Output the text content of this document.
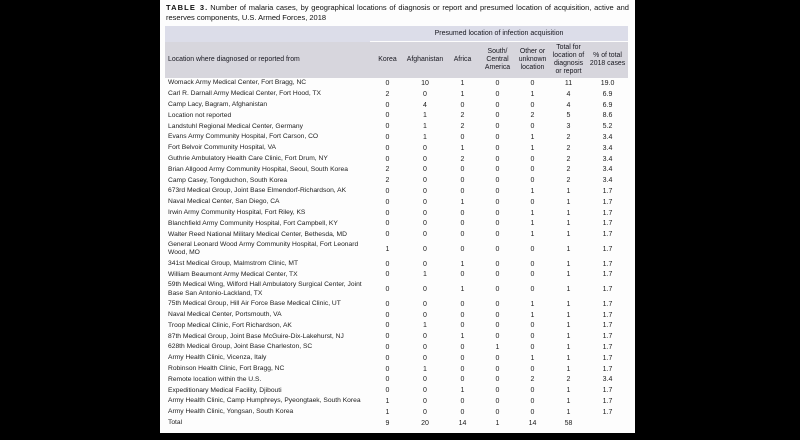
TABLE 3. Number of malaria cases, by geographical locations of diagnosis or report and presumed location of acquisition, active and reserves components, U.S. Armed Forces, 2018
	Presumed location of infection acquisition						
Location where diagnosed or reported from	Korea	Afghanistan	Africa	South/ Central America	Other or unknown location	Total for location of diagnosis or report	% of total 2018 cases
Womack Army Medical Center, Fort Bragg, NC	0	10	1	0	0	11	19.0
Carl R. Darnall Army Medical Center, Fort Hood, TX	2	0	1	0	1	4	6.9
Camp Lacy, Bagram, Afghanistan	0	4	0	0	0	4	6.9
Location not reported	0	1	2	0	2	5	8.6
Landstuhl Regional Medical Center, Germany	0	1	2	0	0	3	5.2
Evans Army Community Hospital, Fort Carson, CO	0	1	0	0	1	2	3.4
Fort Belvoir Community Hospital, VA	0	0	1	0	1	2	3.4
Guthrie Ambulatory Health Care Clinic, Fort Drum, NY	0	0	2	0	0	2	3.4
Brian Allgood Army Community Hospital, Seoul, South Korea	2	0	0	0	0	2	3.4
Camp Casey, Tongduchon, South Korea	2	0	0	0	0	2	3.4
673rd Medical Group, Joint Base Elmendorf-Richardson, AK	0	0	0	0	1	1	1.7
Naval Medical Center, San Diego, CA	0	0	1	0	0	1	1.7
Irwin Army Community Hospital, Fort Riley, KS	0	0	0	0	1	1	1.7
Blanchfield Army Community Hospital, Fort Campbell, KY	0	0	0	0	1	1	1.7
Walter Reed National Military Medical Center, Bethesda, MD	0	0	0	0	1	1	1.7
General Leonard Wood Army Community Hospital, Fort Leonard Wood, MO	1	0	0	0	0	1	1.7
341st Medical Group, Malmstrom Clinic, MT	0	0	1	0	0	1	1.7
William Beaumont Army Medical Center, TX	0	1	0	0	0	1	1.7
59th Medical Wing, Wilford Hall Ambulatory Surgical Center, Joint Base San Antonio-Lackland, TX	0	0	1	0	0	1	1.7
75th Medical Group, Hill Air Force Base Medical Clinic, UT	0	0	0	0	1	1	1.7
Naval Medical Center, Portsmouth, VA	0	0	0	0	1	1	1.7
Troop Medical Clinic, Fort Richardson, AK	0	1	0	0	0	1	1.7
87th Medical Group, Joint Base McGuire-Dix-Lakehurst, NJ	0	0	1	0	0	1	1.7
628th Medical Group, Joint Base Charleston, SC	0	0	0	1	0	1	1.7
Army Health Clinic, Vicenza, Italy	0	0	0	0	1	1	1.7
Robinson Health Clinic, Fort Bragg, NC	0	1	0	0	0	1	1.7
Remote location within the U.S.	0	0	0	0	2	2	3.4
Expeditionary Medical Facility, Djibouti	0	0	1	0	0	1	1.7
Army Health Clinic, Camp Humphreys, Pyeongtaek, South Korea	1	0	0	0	0	1	1.7
Army Health Clinic, Yongsan, South Korea	1	0	0	0	0	1	1.7
Total	9	20	14	1	14	58	
